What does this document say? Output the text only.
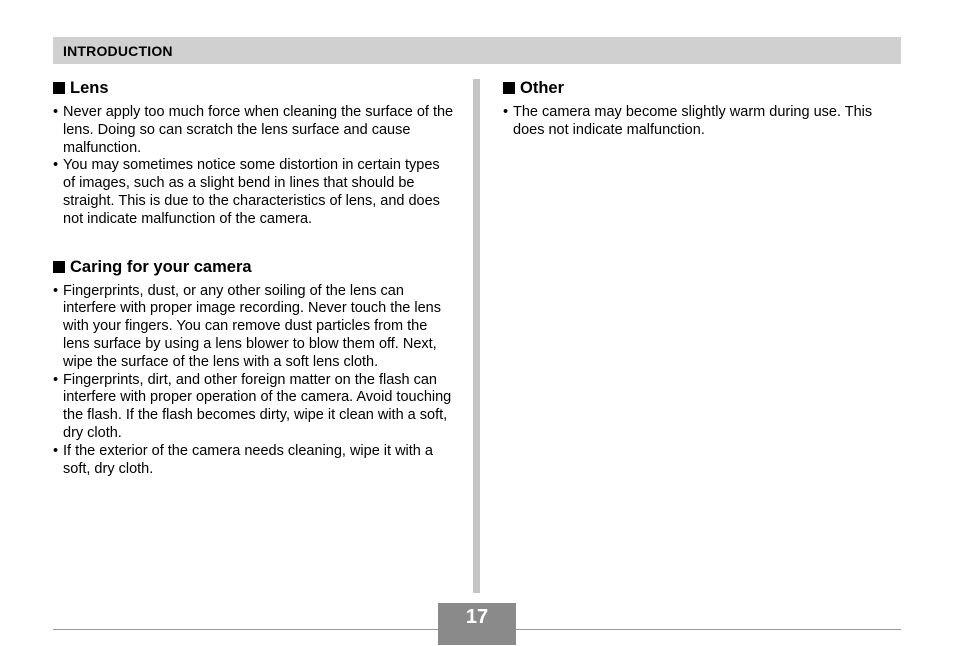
INTRODUCTION
Lens
• Never apply too much force when cleaning the surface of the lens. Doing so can scratch the lens surface and cause malfunction.
• You may sometimes notice some distortion in certain types of images, such as a slight bend in lines that should be straight. This is due to the characteristics of lens, and does not indicate malfunction of the camera.
Caring for your camera
• Fingerprints, dust, or any other soiling of the lens can interfere with proper image recording. Never touch the lens with your fingers. You can remove dust particles from the lens surface by using a lens blower to blow them off. Next, wipe the surface of the lens with a soft lens cloth.
• Fingerprints, dirt, and other foreign matter on the flash can interfere with proper operation of the camera. Avoid touching the flash. If the flash becomes dirty, wipe it clean with a soft, dry cloth.
• If the exterior of the camera needs cleaning, wipe it with a soft, dry cloth.
Other
• The camera may become slightly warm during use. This does not indicate malfunction.
17
